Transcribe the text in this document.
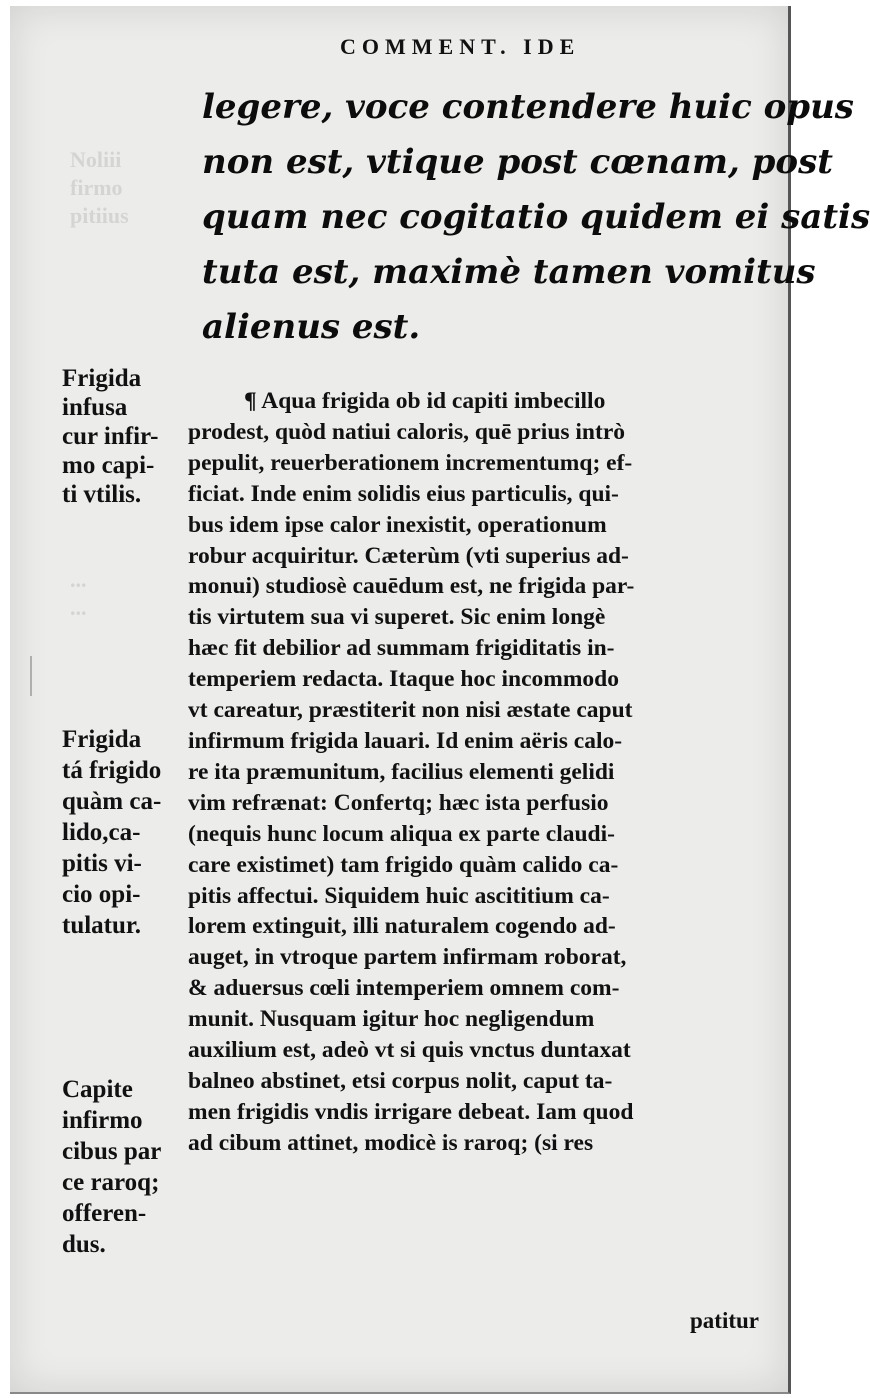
Noliii
firmo
pitiius
...
...
COMMENT. IDE
legere, voce contendere huic opus
non est, vtique post cœnam, post
quam nec cogitatio quidem ei satis
tuta est, maximè tamen vomitus
alienus est.
Frigida
infusa
cur infir-
mo capi-
ti vtilis.
Frigida
tá frigido
quàm ca-
lido,ca-
pitis vi-
cio opi-
tulatur.
Capite
infirmo
cibus par
ce raroq;
offeren-
dus.
¶ Aqua frigida ob id capiti imbecillo
prodest, quòd natiui caloris, quē prius intrò
pepulit, reuerberationem incrementumq; ef-
ficiat. Inde enim solidis eius particulis, qui-
bus idem ipse calor inexistit, operationum
robur acquiritur. Cæterùm (vti superius ad-
monui) studiosè cauēdum est, ne frigida par-
tis virtutem sua vi superet. Sic enim longè
hæc fit debilior ad summam frigiditatis in-
temperiem redacta. Itaque hoc incommodo
vt careatur, præstiterit non nisi æstate caput
infirmum frigida lauari. Id enim aëris calo-
re ita præmunitum, facilius elementi gelidi
vim refrænat: Confertq; hæc ista perfusio
(nequis hunc locum aliqua ex parte claudi-
care existimet) tam frigido quàm calido ca-
pitis affectui. Siquidem huic ascititium ca-
lorem extinguit, illi naturalem cogendo ad-
auget, in vtroque partem infirmam roborat,
& aduersus cœli intemperiem omnem com-
munit. Nusquam igitur hoc negligendum
auxilium est, adeò vt si quis vnctus duntaxat
balneo abstinet, etsi corpus nolit, caput ta-
men frigidis vndis irrigare debeat. Iam quod
ad cibum attinet, modicè is raroq; (si res
patitur
